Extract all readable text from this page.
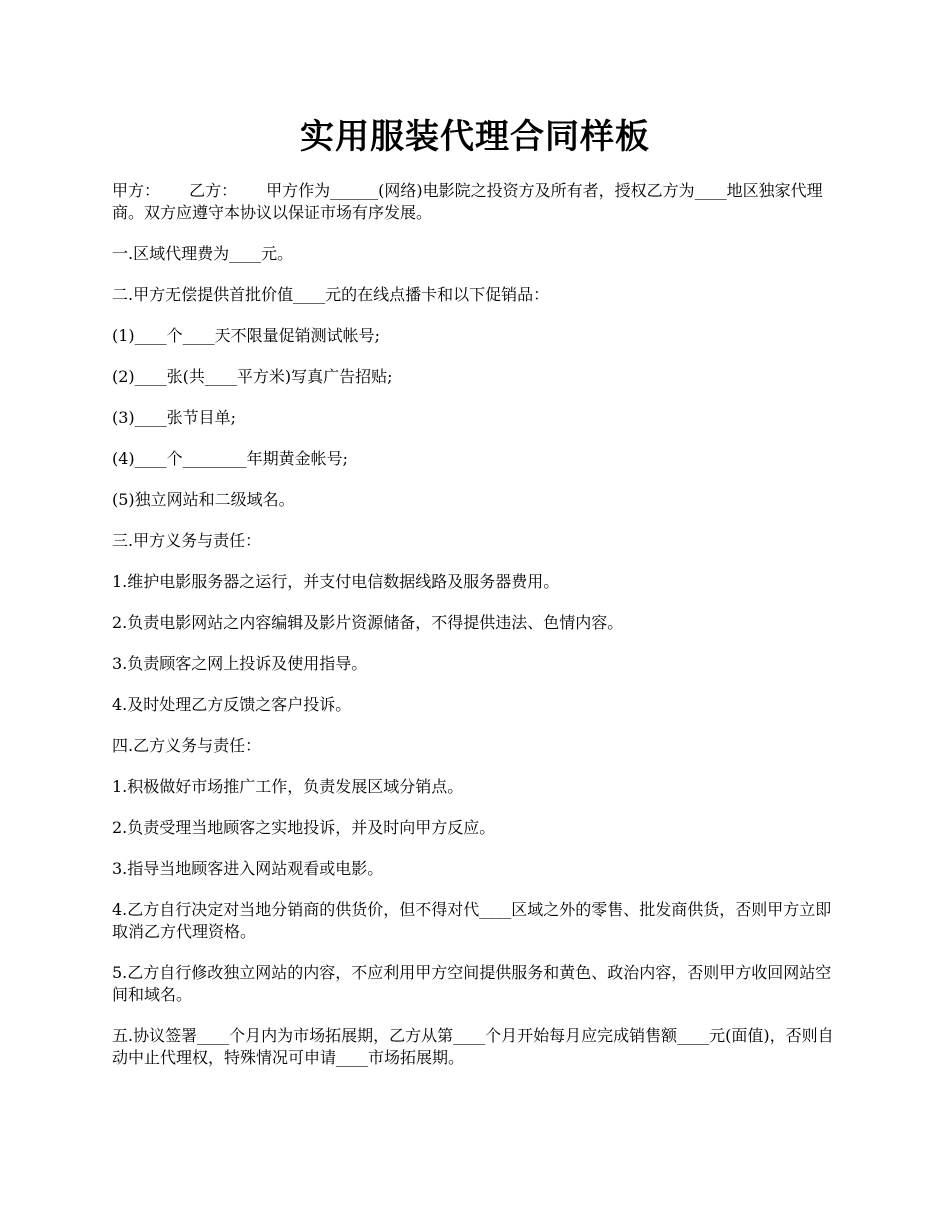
实用服装代理合同样板

甲方：　　 乙方：　　 甲方作为______(网络)电影院之投资方及所有者，授权乙方为____地区独家代理商。双方应遵守本协议以保证市场有序发展。

一.区域代理费为____元。

二.甲方无偿提供首批价值____元的在线点播卡和以下促销品：

(1)____个____天不限量促销测试帐号;

(2)____张(共____平方米)写真广告招贴;

(3)____张节目单;

(4)____个________年期黄金帐号;

(5)独立网站和二级域名。

三.甲方义务与责任：

1.维护电影服务器之运行，并支付电信数据线路及服务器费用。

2.负责电影网站之内容编辑及影片资源储备，不得提供违法、色情内容。

3.负责顾客之网上投诉及使用指导。

4.及时处理乙方反馈之客户投诉。

四.乙方义务与责任：

1.积极做好市场推广工作，负责发展区域分销点。

2.负责受理当地顾客之实地投诉，并及时向甲方反应。

3.指导当地顾客进入网站观看或电影。

4.乙方自行决定对当地分销商的供货价，但不得对代____区域之外的零售、批发商供货，否则甲方立即取消乙方代理资格。

5.乙方自行修改独立网站的内容，不应利用甲方空间提供服务和黄色、政治内容，否则甲方收回网站空间和域名。

五.协议签署____个月内为市场拓展期，乙方从第____个月开始每月应完成销售额____元(面值)，否则自动中止代理权，特殊情况可申请____市场拓展期。
